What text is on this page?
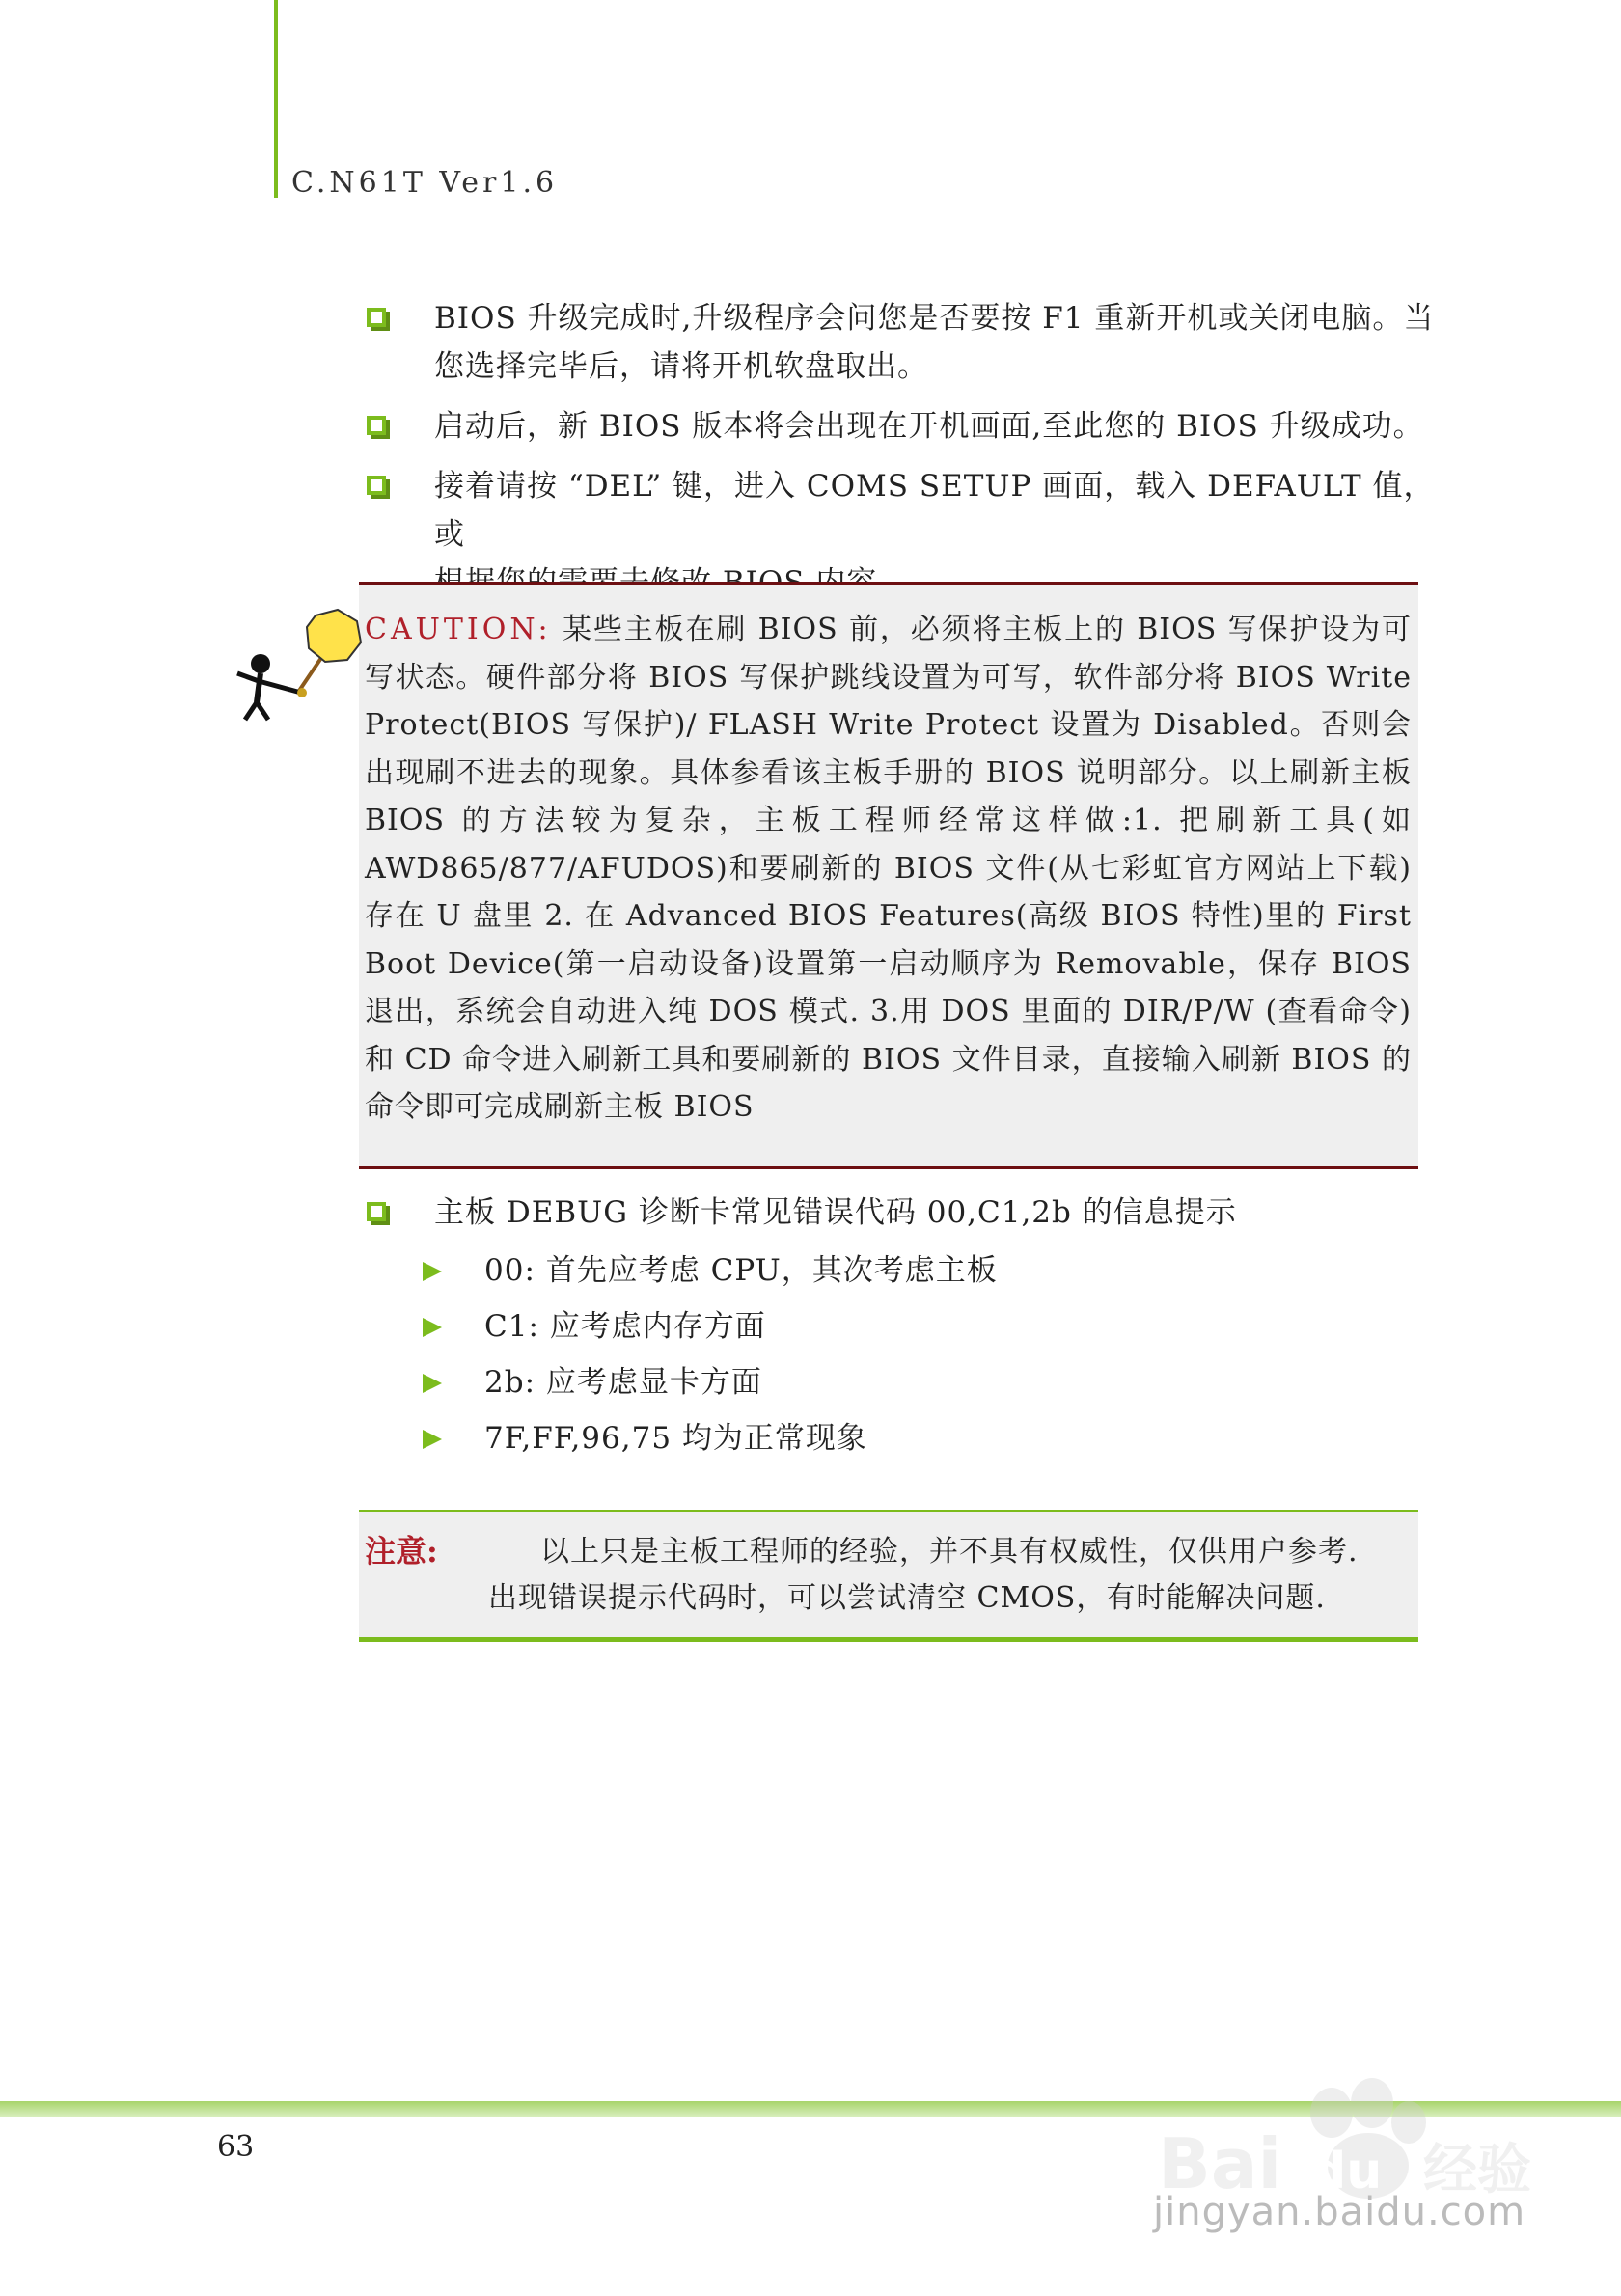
C.N61T Ver1.6
BIOS 升级完成时,升级程序会问您是否要按 F1 重新开机或关闭电脑。当
您选择完毕后，请将开机软盘取出。
启动后，新 BIOS 版本将会出现在开机画面,至此您的 BIOS 升级成功。
接着请按 “DEL” 键，进入 COMS SETUP 画面，载入 DEFAULT 值，或
CAUTION: 某些主板在刷 BIOS 前，必须将主板上的 BIOS 写保护设为可写状态。硬件部分将 BIOS 写保护跳线设置为可写，软件部分将 BIOS Write Protect(BIOS 写保护)/ FLASH Write Protect 设置为 Disabled。否则会出现刷不进去的现象。具体参看该主板手册的 BIOS 说明部分。以上刷新主板 BIOS 的方法较为复杂，主板工程师经常这样做:1. 把刷新工具(如 AWD865/877/AFUDOS)和要刷新的 BIOS 文件(从七彩虹官方网站上下载)存在 U 盘里 2. 在 Advanced BIOS Features(高级 BIOS 特性)里的 First Boot Device(第一启动设备)设置第一启动顺序为 Removable，保存 BIOS 退出，系统会自动进入纯 DOS 模式. 3.用 DOS 里面的 DIR/P/W (查看命令)和 CD 命令进入刷新工具和要刷新的 BIOS 文件目录，直接输入刷新 BIOS 的命令即可完成刷新主板 BIOS
主板 DEBUG 诊断卡常见错误代码 00,C1,2b 的信息提示
00: 首先应考虑 CPU，其次考虑主板
C1: 应考虑内存方面
2b: 应考虑显卡方面
7F,FF,96,75 均为正常现象
注意:	以上只是主板工程师的经验，并不具有权威性，仅供用户参考.
出现错误提示代码时，可以尝试清空 CMOS，有时能解决问题.
63	Bai du 经验
jingyan.baidu.com
